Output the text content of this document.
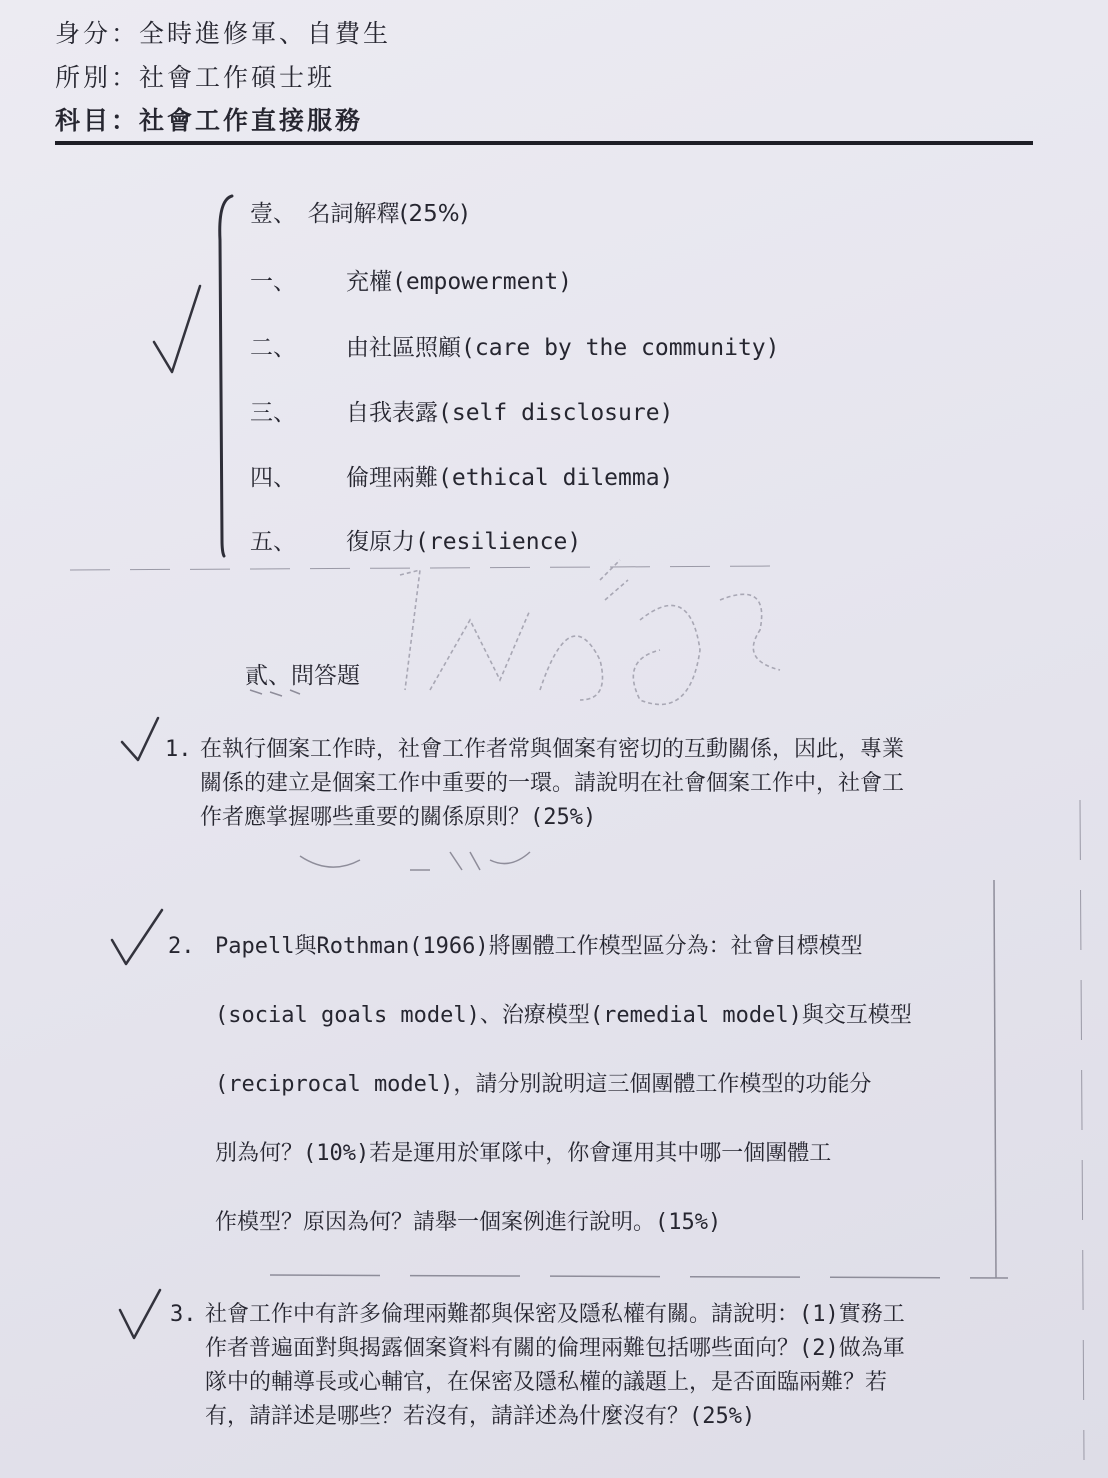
身分：全時進修軍、自費生
所別：社會工作碩士班
科目：社會工作直接服務
壹、　名詞解釋(25%)
一、 充權(empowerment)
二、 由社區照顧(care by the community)
三、 自我表露(self disclosure)
四、 倫理兩難(ethical dilemma)
五、 復原力(resilience)
貳、問答題
1. 在執行個案工作時，社會工作者常與個案有密切的互動關係，因此，專業
關係的建立是個案工作中重要的一環。請說明在社會個案工作中，社會工
作者應掌握哪些重要的關係原則？(25%)
2. Papell與Rothman(1966)將團體工作模型區分為：社會目標模型
(social goals model)、治療模型(remedial model)與交互模型
(reciprocal model)，請分別說明這三個團體工作模型的功能分
別為何？(10%)若是運用於軍隊中，你會運用其中哪一個團體工
作模型？原因為何？請舉一個案例進行說明。(15%)
3. 社會工作中有許多倫理兩難都與保密及隱私權有關。請說明：(1)實務工
作者普遍面對與揭露個案資料有關的倫理兩難包括哪些面向？(2)做為軍
隊中的輔導長或心輔官，在保密及隱私權的議題上，是否面臨兩難？若
有，請詳述是哪些？若沒有，請詳述為什麼沒有？(25%)
